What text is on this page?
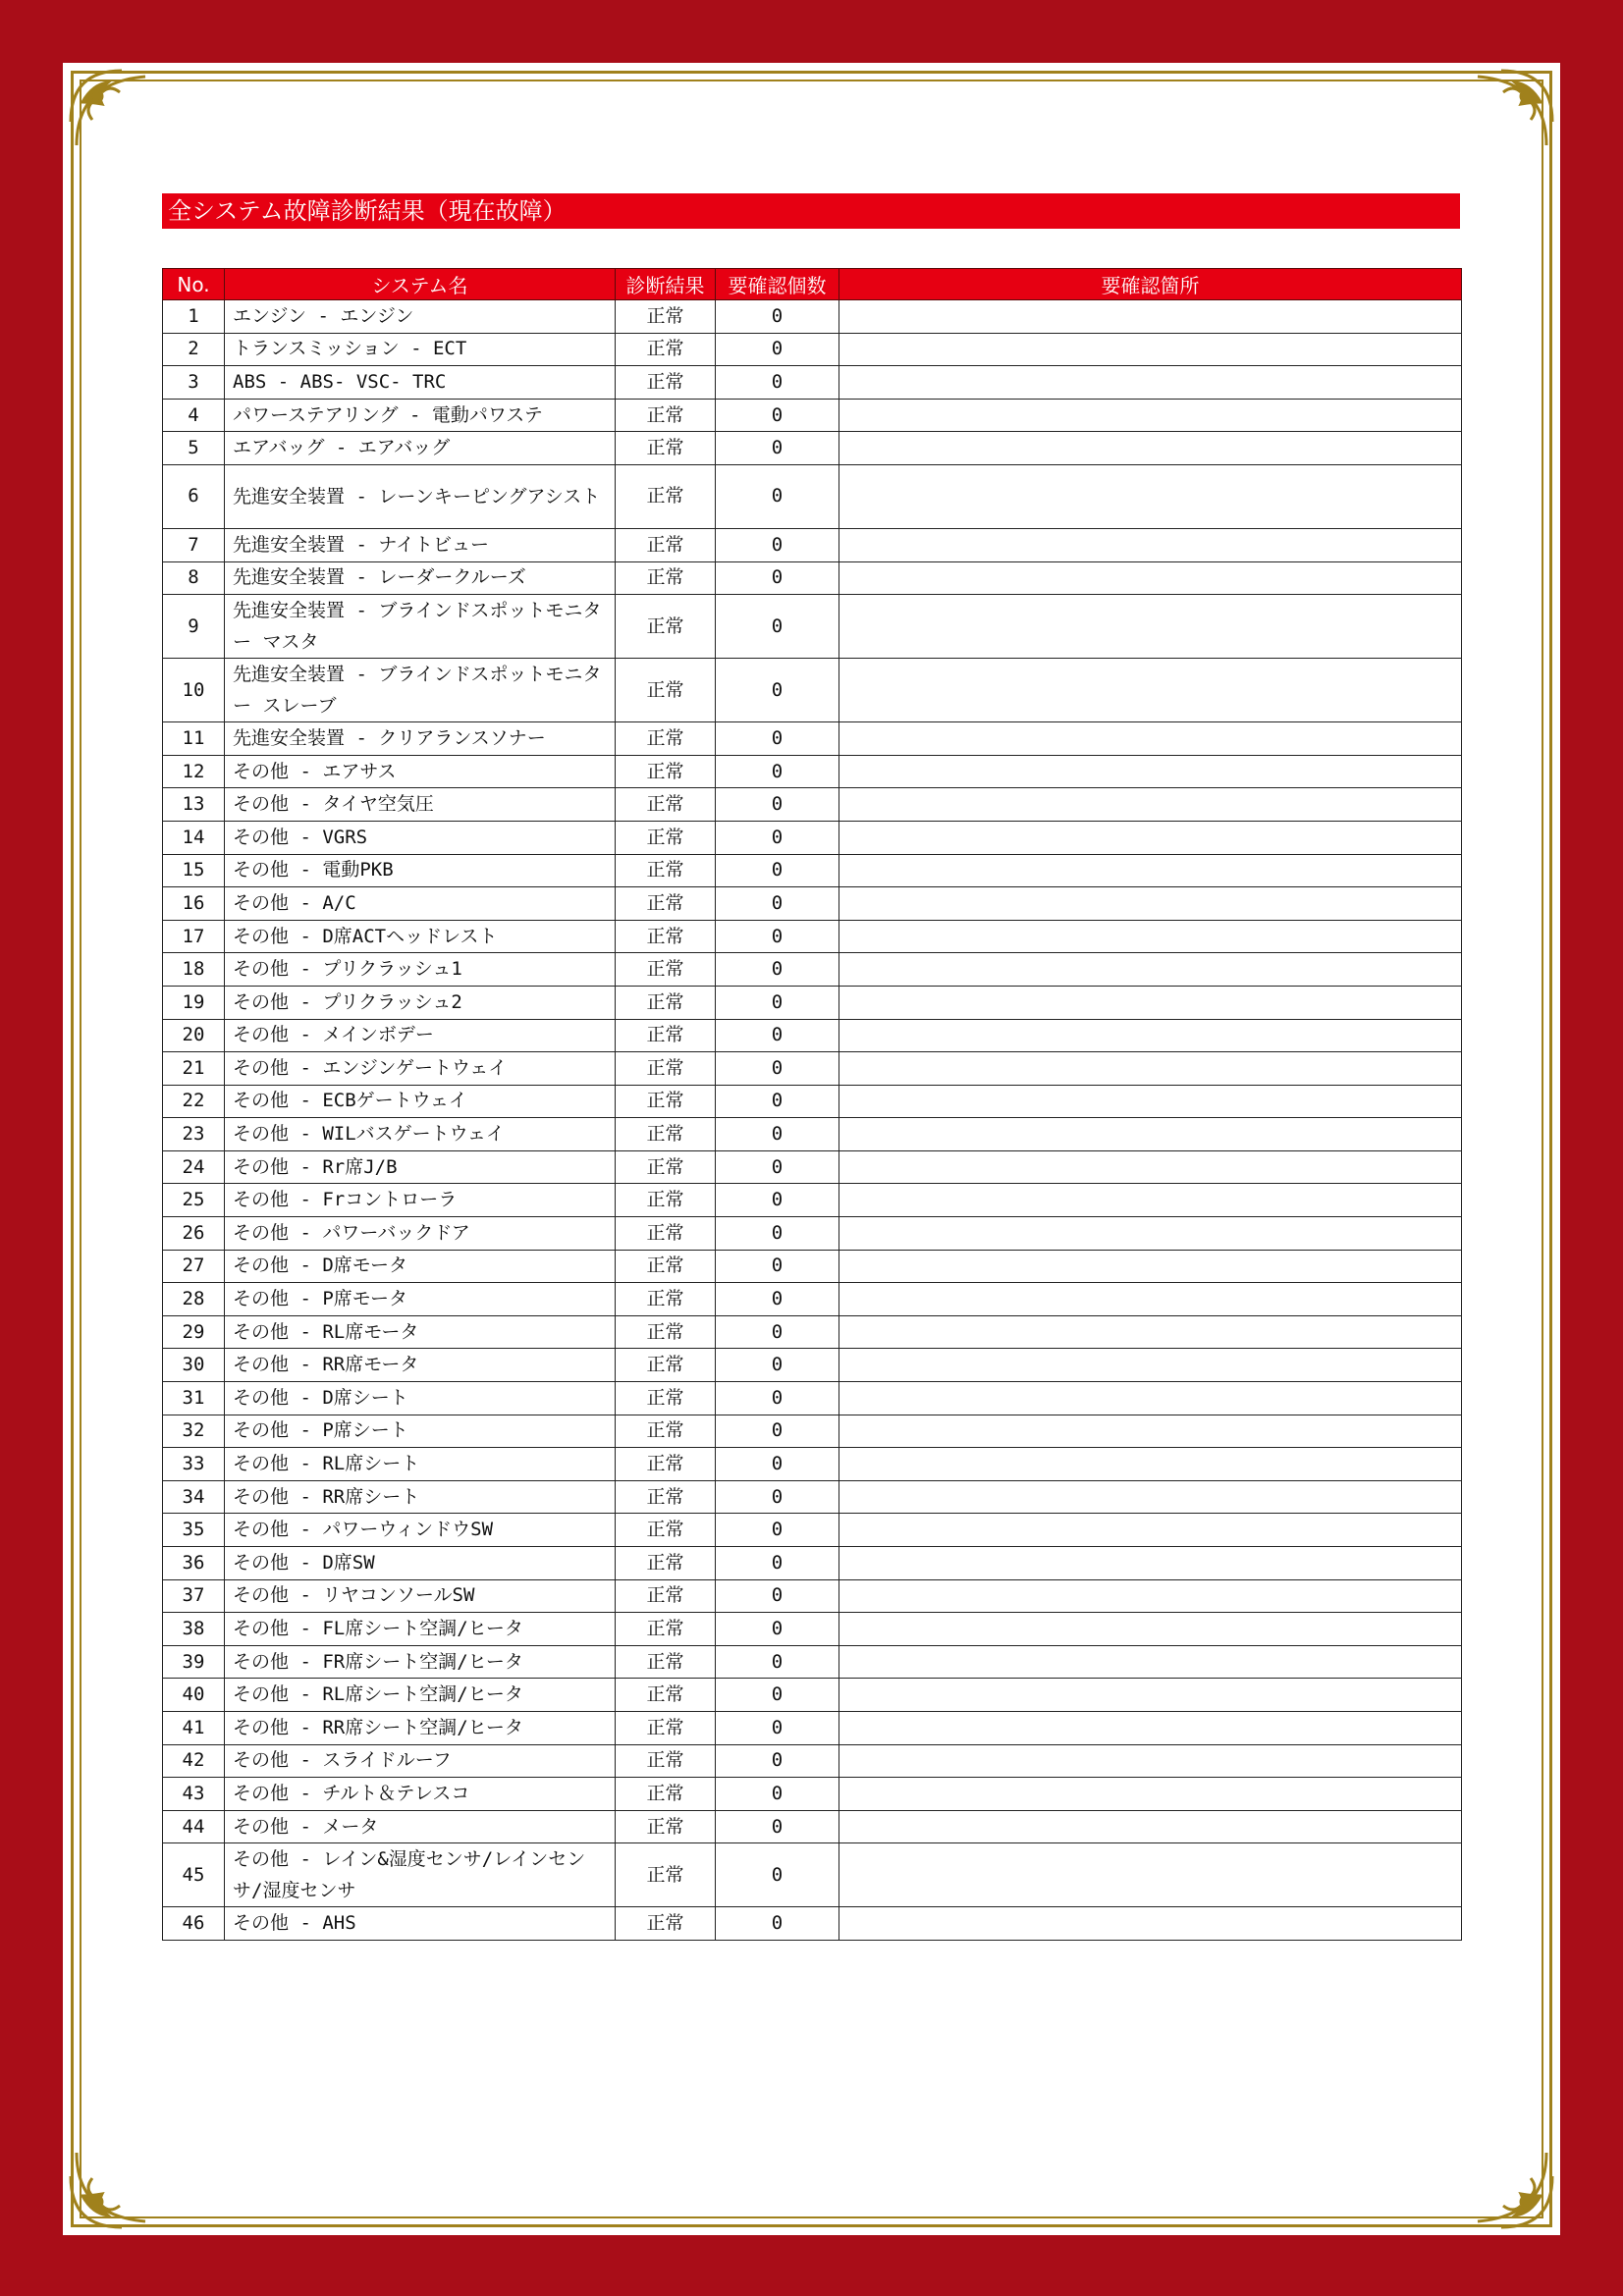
全システム故障診断結果（現在故障）
No.	システム名	診断結果	要確認個数	要確認箇所
1	エンジン - エンジン	正常	0	
2	トランスミッション - ECT	正常	0	
3	ABS - ABS- VSC- TRC	正常	0	
4	パワーステアリング - 電動パワステ	正常	0	
5	エアバッグ - エアバッグ	正常	0	
6	先進安全装置 - レーンキーピングアシスト	正常	0	
7	先進安全装置 - ナイトビュー	正常	0	
8	先進安全装置 - レーダークルーズ	正常	0	
9	先進安全装置 - ブラインドスポットモニター マスタ	正常	0	
10	先進安全装置 - ブラインドスポットモニター スレーブ	正常	0	
11	先進安全装置 - クリアランスソナー	正常	0	
12	その他 - エアサス	正常	0	
13	その他 - タイヤ空気圧	正常	0	
14	その他 - VGRS	正常	0	
15	その他 - 電動PKB	正常	0	
16	その他 - A/C	正常	0	
17	その他 - D席ACTヘッドレスト	正常	0	
18	その他 - プリクラッシュ1	正常	0	
19	その他 - プリクラッシュ2	正常	0	
20	その他 - メインボデー	正常	0	
21	その他 - エンジンゲートウェイ	正常	0	
22	その他 - ECBゲートウェイ	正常	0	
23	その他 - WILバスゲートウェイ	正常	0	
24	その他 - Rr席J/B	正常	0	
25	その他 - Frコントローラ	正常	0	
26	その他 - パワーバックドア	正常	0	
27	その他 - D席モータ	正常	0	
28	その他 - P席モータ	正常	0	
29	その他 - RL席モータ	正常	0	
30	その他 - RR席モータ	正常	0	
31	その他 - D席シート	正常	0	
32	その他 - P席シート	正常	0	
33	その他 - RL席シート	正常	0	
34	その他 - RR席シート	正常	0	
35	その他 - パワーウィンドウSW	正常	0	
36	その他 - D席SW	正常	0	
37	その他 - リヤコンソールSW	正常	0	
38	その他 - FL席シート空調/ヒータ	正常	0	
39	その他 - FR席シート空調/ヒータ	正常	0	
40	その他 - RL席シート空調/ヒータ	正常	0	
41	その他 - RR席シート空調/ヒータ	正常	0	
42	その他 - スライドルーフ	正常	0	
43	その他 - チルト＆テレスコ	正常	0	
44	その他 - メータ	正常	0	
45	その他 - レイン&湿度センサ/レインセンサ/湿度センサ	正常	0	
46	その他 - AHS	正常	0	
